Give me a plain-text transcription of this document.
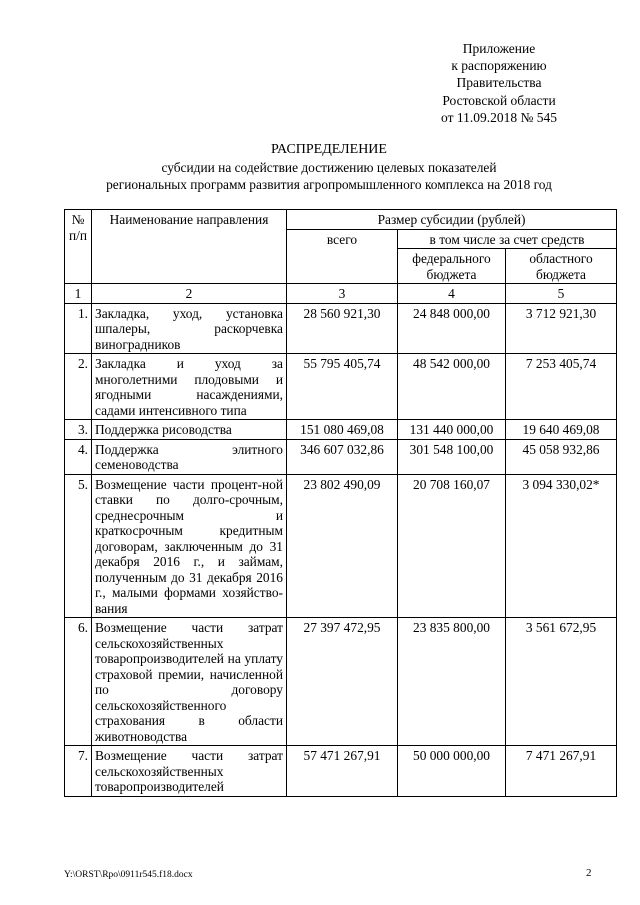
Приложение
к распоряжению
Правительства
Ростовской области
от 11.09.2018 № 545
РАСПРЕДЕЛЕНИЕ
субсидии на содействие достижению целевых показателей
региональных программ развития агропромышленного комплекса на 2018 год
№ п/п	Наименование направления	Размер субсидии (рублей)		
		всего	в том числе за счет средств	
			федерального бюджета	областного бюджета
1	2	3	4	5
1.	Закладка, уход, установка шпалеры, раскорчевка виноградников	28 560 921,30	24 848 000,00	3 712 921,30
2.	Закладка и уход за многолетними плодовыми и ягодными насаждениями, садами интенсивного типа	55 795 405,74	48 542 000,00	7 253 405,74
3.	Поддержка рисоводства	151 080 469,08	131 440 000,00	19 640 469,08
4.	Поддержка элитного семеноводства	346 607 032,86	301 548 100,00	45 058 932,86
5.	Возмещение части процент-ной ставки по долго-срочным, среднесрочным и краткосрочным кредитным договорам, заключенным до 31 декабря 2016 г., и займам, полученным до 31 декабря 2016 г., малыми формами хозяйство-вания	23 802 490,09	20 708 160,07	3 094 330,02*
6.	Возмещение части затрат сельскохозяйственных товаропроизводителей на уплату страховой премии, начисленной по договору сельскохозяйственного страхования в области животноводства	27 397 472,95	23 835 800,00	3 561 672,95
7.	Возмещение части затрат сельскохозяйственных товаропроизводителей	57 471 267,91	50 000 000,00	7 471 267,91
Y:\ORST\Rpo\0911r545.f18.docx	2
